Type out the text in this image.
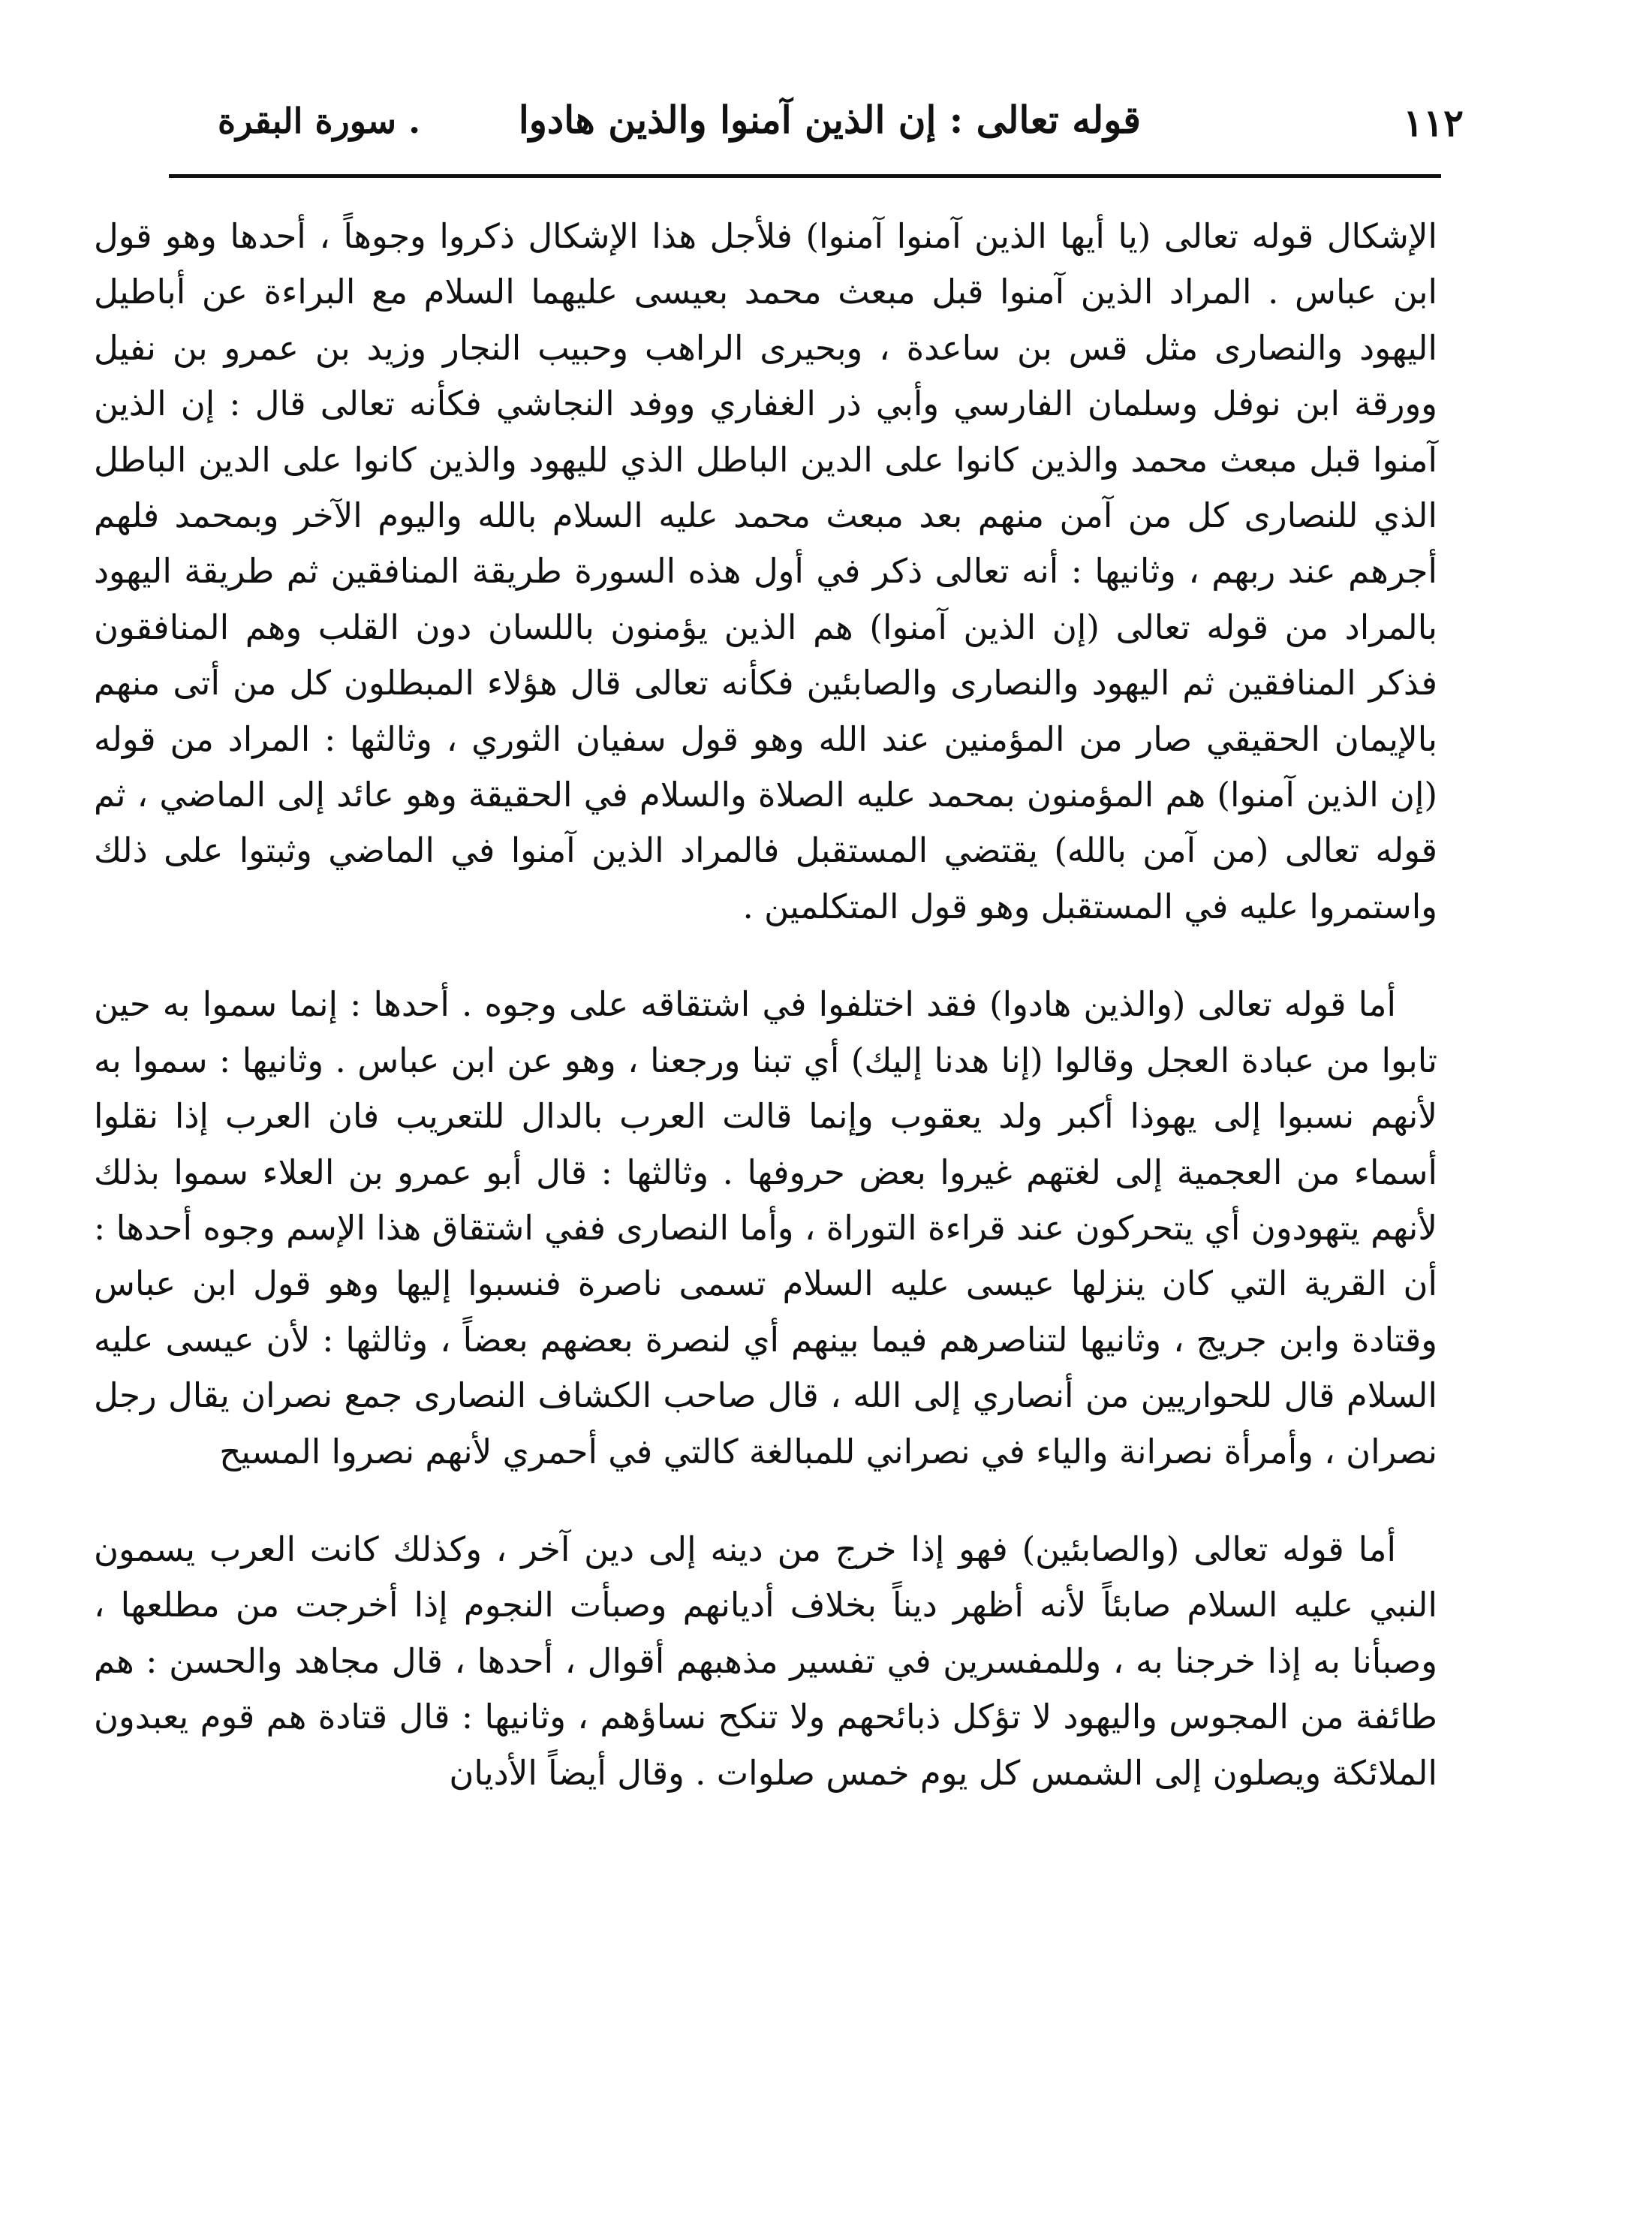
١١٢
قوله تعالى : إن الذين آمنوا والذين هادوا
. سورة البقرة

الإشكال قوله تعالى (يا أيها الذين آمنوا آمنوا) فلأجل هذا الإشكال ذكروا وجوهاً ، أحدها وهو قول ابن عباس . المراد الذين آمنوا قبل مبعث محمد بعيسى عليهما السلام مع البراءة عن أباطيل اليهود والنصارى مثل قس بن ساعدة ، وبحيرى الراهب وحبيب النجار وزيد بن عمرو بن نفيل وورقة ابن نوفل وسلمان الفارسي وأبي ذر الغفاري ووفد النجاشي فكأنه تعالى قال : إن الذين آمنوا قبل مبعث محمد والذين كانوا على الدين الباطل الذي لليهود والذين كانوا على الدين الباطل الذي للنصارى كل من آمن منهم بعد مبعث محمد عليه السلام بالله واليوم الآخر وبمحمد فلهم أجرهم عند ربهم ، وثانيها : أنه تعالى ذكر في أول هذه السورة طريقة المنافقين ثم طريقة اليهود بالمراد من قوله تعالى (إن الذين آمنوا) هم الذين يؤمنون باللسان دون القلب وهم المنافقون فذكر المنافقين ثم اليهود والنصارى والصابئين فكأنه تعالى قال هؤلاء المبطلون كل من أتى منهم بالإيمان الحقيقي صار من المؤمنين عند الله وهو قول سفيان الثوري ، وثالثها : المراد من قوله (إن الذين آمنوا) هم المؤمنون بمحمد عليه الصلاة والسلام في الحقيقة وهو عائد إلى الماضي ، ثم قوله تعالى (من آمن بالله) يقتضي المستقبل فالمراد الذين آمنوا في الماضي وثبتوا على ذلك واستمروا عليه في المستقبل وهو قول المتكلمين .

أما قوله تعالى (والذين هادوا) فقد اختلفوا في اشتقاقه على وجوه . أحدها : إنما سموا به حين تابوا من عبادة العجل وقالوا (إنا هدنا إليك) أي تبنا ورجعنا ، وهو عن ابن عباس . وثانيها : سموا به لأنهم نسبوا إلى يهوذا أكبر ولد يعقوب وإنما قالت العرب بالدال للتعريب فان العرب إذا نقلوا أسماء من العجمية إلى لغتهم غيروا بعض حروفها . وثالثها : قال أبو عمرو بن العلاء سموا بذلك لأنهم يتهودون أي يتحركون عند قراءة التوراة ، وأما النصارى ففي اشتقاق هذا الإسم وجوه أحدها : أن القرية التي كان ينزلها عيسى عليه السلام تسمى ناصرة فنسبوا إليها وهو قول ابن عباس وقتادة وابن جريج ، وثانيها لتناصرهم فيما بينهم أي لنصرة بعضهم بعضاً ، وثالثها : لأن عيسى عليه السلام قال للحواريين من أنصاري إلى الله ، قال صاحب الكشاف النصارى جمع نصران يقال رجل نصران ، وأمرأة نصرانة والياء في نصراني للمبالغة كالتي في أحمري لأنهم نصروا المسيح

أما قوله تعالى (والصابئين) فهو إذا خرج من دينه إلى دين آخر ، وكذلك كانت العرب يسمون النبي عليه السلام صابئاً لأنه أظهر ديناً بخلاف أديانهم وصبأت النجوم إذا أخرجت من مطلعها ، وصبأنا به إذا خرجنا به ، وللمفسرين في تفسير مذهبهم أقوال ، أحدها ، قال مجاهد والحسن : هم طائفة من المجوس واليهود لا تؤكل ذبائحهم ولا تنكح نساؤهم ، وثانيها : قال قتادة هم قوم يعبدون الملائكة ويصلون إلى الشمس كل يوم خمس صلوات . وقال أيضاً الأديان
